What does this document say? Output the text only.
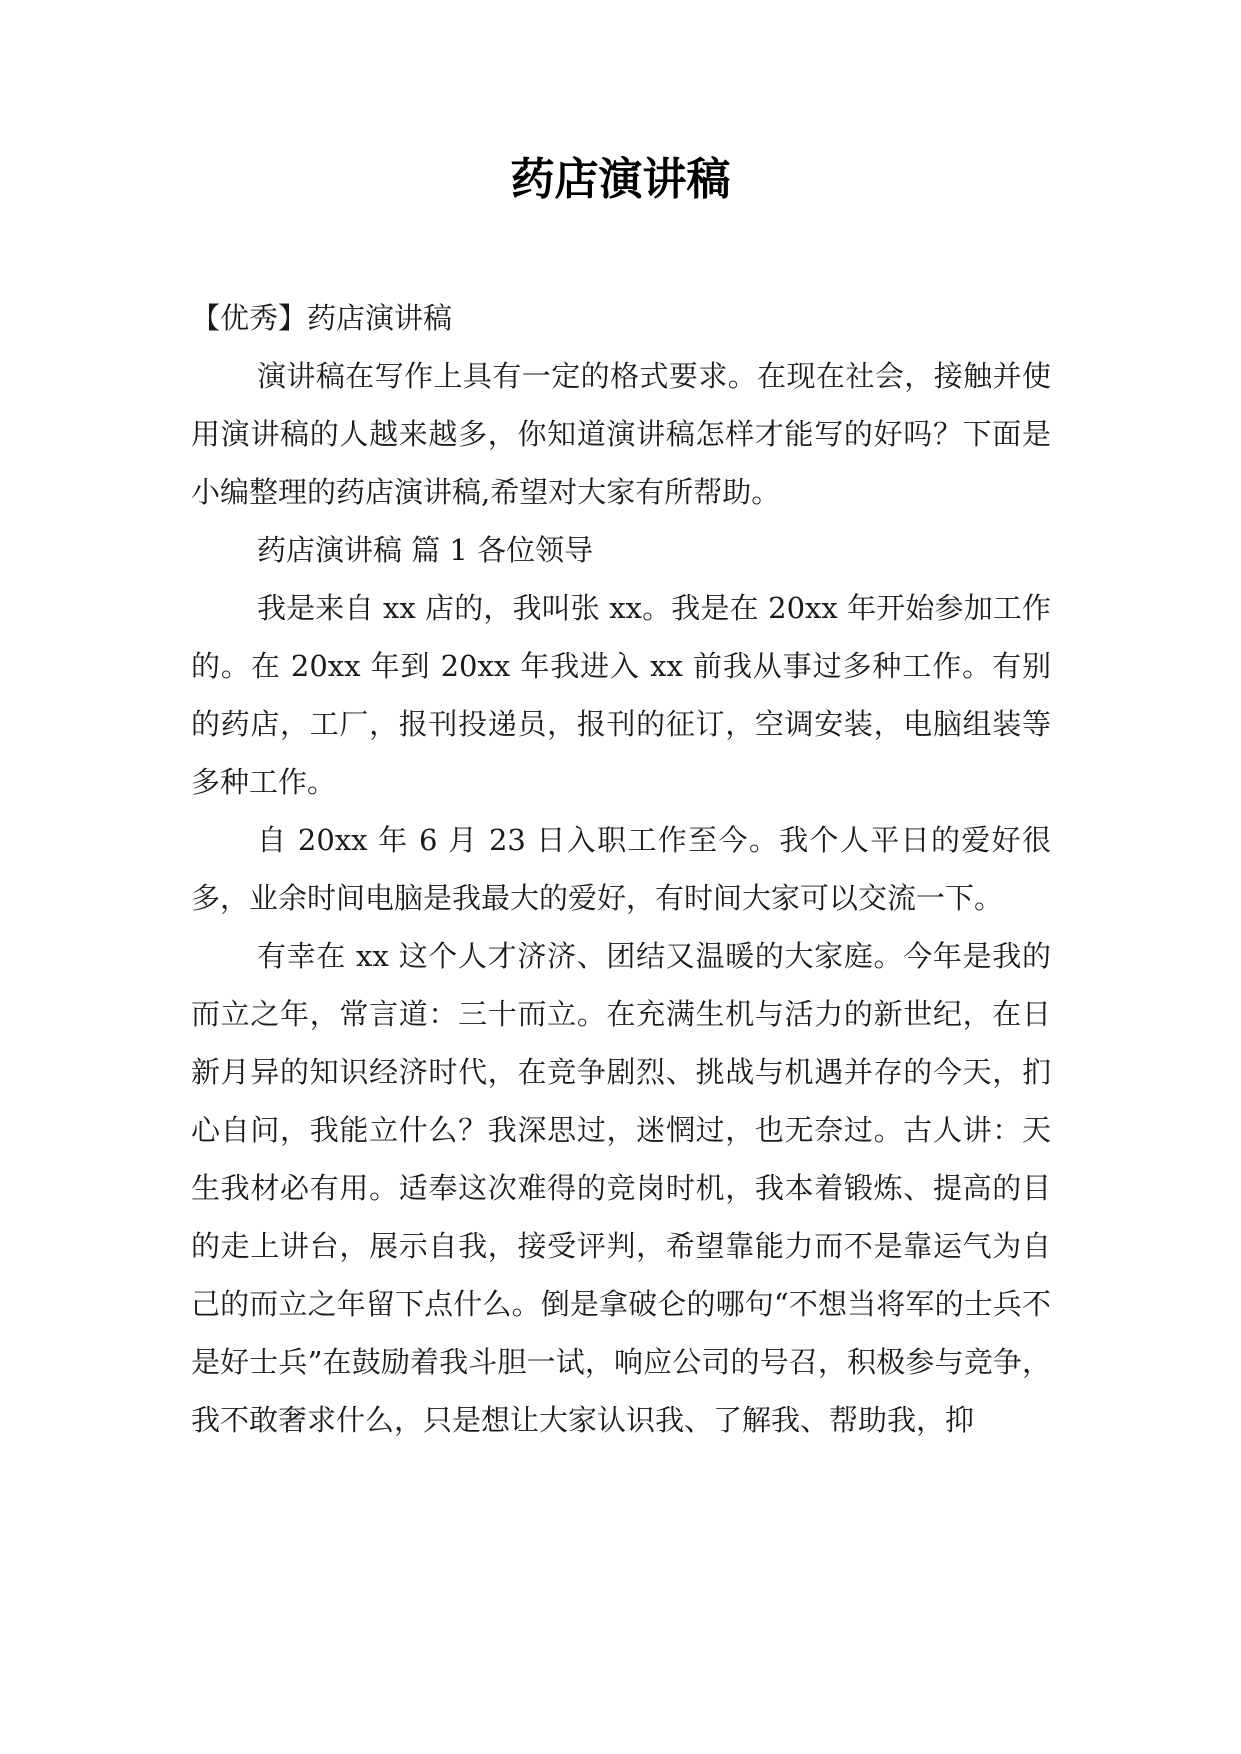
药店演讲稿

【优秀】药店演讲稿

演讲稿在写作上具有一定的格式要求。在现在社会，接触并使用演讲稿的人越来越多，你知道演讲稿怎样才能写的好吗？下面是小编整理的药店演讲稿,希望对大家有所帮助。

药店演讲稿 篇 1 各位领导

我是来自 xx 店的，我叫张 xx。我是在 20xx 年开始参加工作的。在 20xx 年到 20xx 年我进入 xx 前我从事过多种工作。有别的药店，工厂，报刊投递员，报刊的征订，空调安装，电脑组装等多种工作。

自 20xx 年 6 月 23 日入职工作至今。我个人平日的爱好很多，业余时间电脑是我最大的爱好，有时间大家可以交流一下。

有幸在 xx 这个人才济济、团结又温暖的大家庭。今年是我的而立之年，常言道：三十而立。在充满生机与活力的新世纪，在日新月异的知识经济时代，在竞争剧烈、挑战与机遇并存的今天，扪心自问，我能立什么？我深思过，迷惘过，也无奈过。古人讲：天生我材必有用。适奉这次难得的竞岗时机，我本着锻炼、提高的目的走上讲台，展示自我，接受评判，希望靠能力而不是靠运气为自己的而立之年留下点什么。倒是拿破仑的哪句“不想当将军的士兵不是好士兵”在鼓励着我斗胆一试，响应公司的号召，积极参与竞争，我不敢奢求什么，只是想让大家认识我、了解我、帮助我，抑
